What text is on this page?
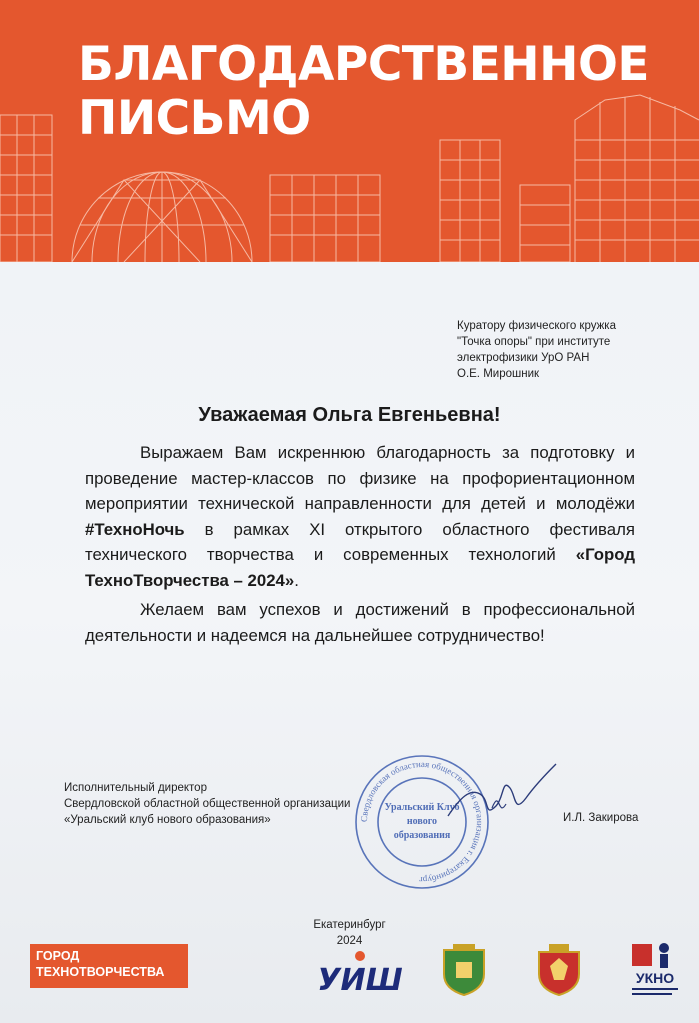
БЛАГОДАРСТВЕННОЕ
ПИСЬМО
Куратору физического кружка
"Точка опоры" при институте
электрофизики УрО РАН
О.Е. Мирошник
Уважаемая Ольга Евгеньевна!

Выражаем Вам искреннюю благодарность за подготовку и проведение мастер-классов по физике на профориентационном мероприятии технической направленности для детей и молодёжи #ТехноНочь в рамках XI открытого областного фестиваля технического творчества и современных технологий «Город ТехноТворчества – 2024».

Желаем вам успехов и достижений в профессиональной деятельности и надеемся на дальнейшее сотрудничество!

Исполнительный директор
Свердловской областной общественной организации
«Уральский клуб нового образования»	Свердловская областная общественная организация г. Екатеринбург
Уральский Клуб
нового
образования
И.Л. Закирова
Екатеринбург
2024
ГОРОД
ТЕХНОТВОРЧЕСТВА	УИШ	УКНО
